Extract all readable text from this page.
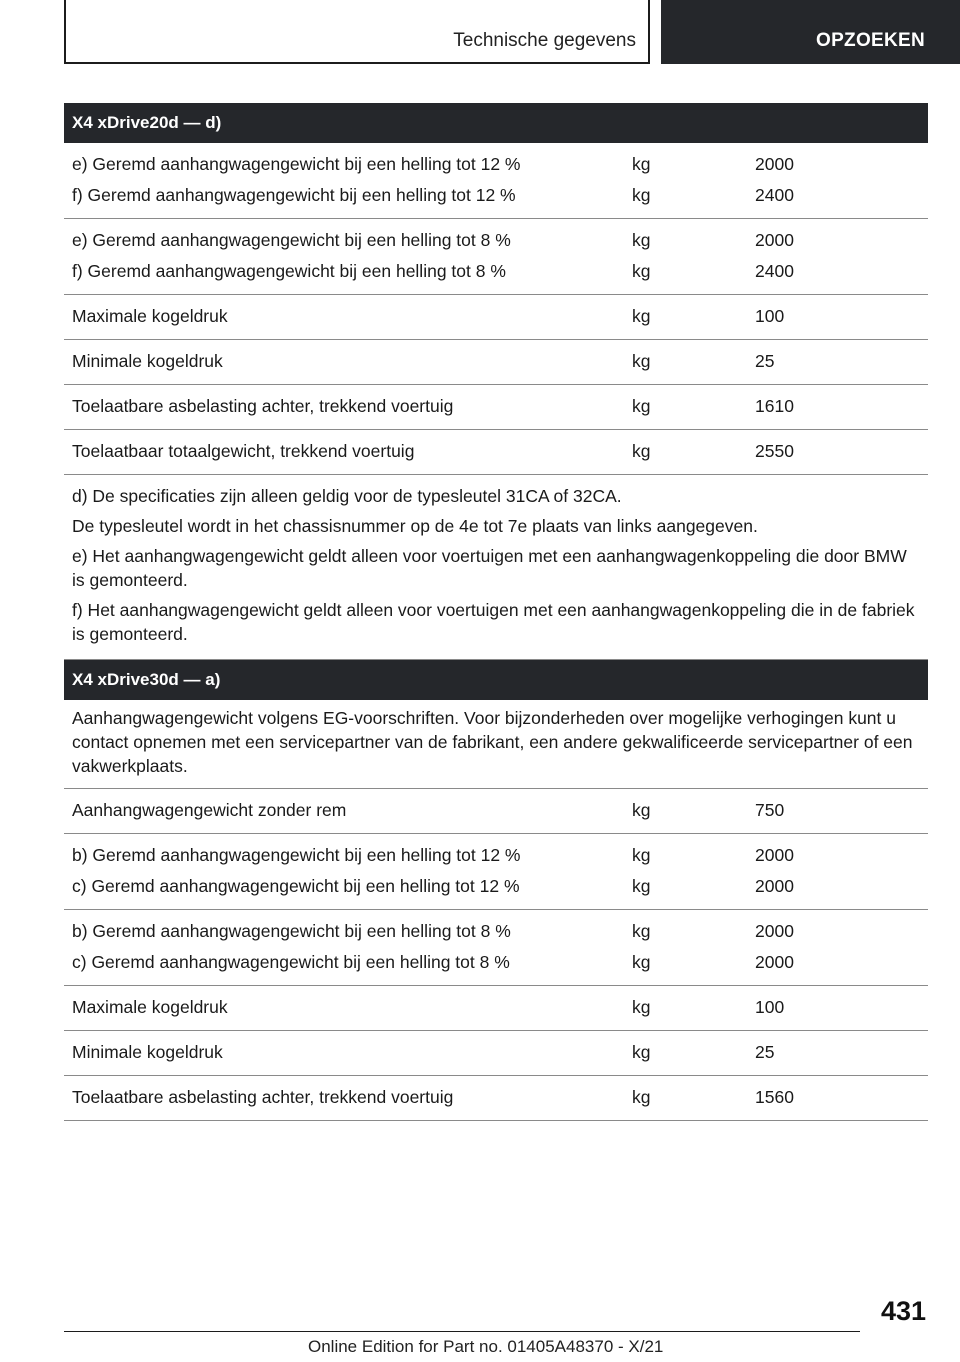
Technische gegevens	OPZOEKEN
X4 xDrive20d — d)
e) Geremd aanhangwagengewicht bij een helling tot 12 %	kg	2000
f) Geremd aanhangwagengewicht bij een helling tot 12 %	kg	2400
e) Geremd aanhangwagengewicht bij een helling tot 8 %	kg	2000
f) Geremd aanhangwagengewicht bij een helling tot 8 %	kg	2400
Maximale kogeldruk	kg	100
Minimale kogeldruk	kg	25
Toelaatbare asbelasting achter, trekkend voertuig	kg	1610
Toelaatbaar totaalgewicht, trekkend voertuig	kg	2550
d) De specificaties zijn alleen geldig voor de typesleutel 31CA of 32CA.
De typesleutel wordt in het chassisnummer op de 4e tot 7e plaats van links aangegeven.
e) Het aanhangwagengewicht geldt alleen voor voertuigen met een aanhangwagenkoppeling die door BMW is gemonteerd.
f) Het aanhangwagengewicht geldt alleen voor voertuigen met een aanhangwagenkoppeling die in de fabriek is gemonteerd.
X4 xDrive30d — a)
Aanhangwagengewicht volgens EG-voorschriften. Voor bijzonderheden over mogelijke verhogingen kunt u contact opnemen met een servicepartner van de fabrikant, een andere gekwalificeerde servicepartner of een vakwerkplaats.
Aanhangwagengewicht zonder rem	kg	750
b) Geremd aanhangwagengewicht bij een helling tot 12 %	kg	2000
c) Geremd aanhangwagengewicht bij een helling tot 12 %	kg	2000
b) Geremd aanhangwagengewicht bij een helling tot 8 %	kg	2000
c) Geremd aanhangwagengewicht bij een helling tot 8 %	kg	2000
Maximale kogeldruk	kg	100
Minimale kogeldruk	kg	25
Toelaatbare asbelasting achter, trekkend voertuig	kg	1560
431
Online Edition for Part no. 01405A48370 - X/21
